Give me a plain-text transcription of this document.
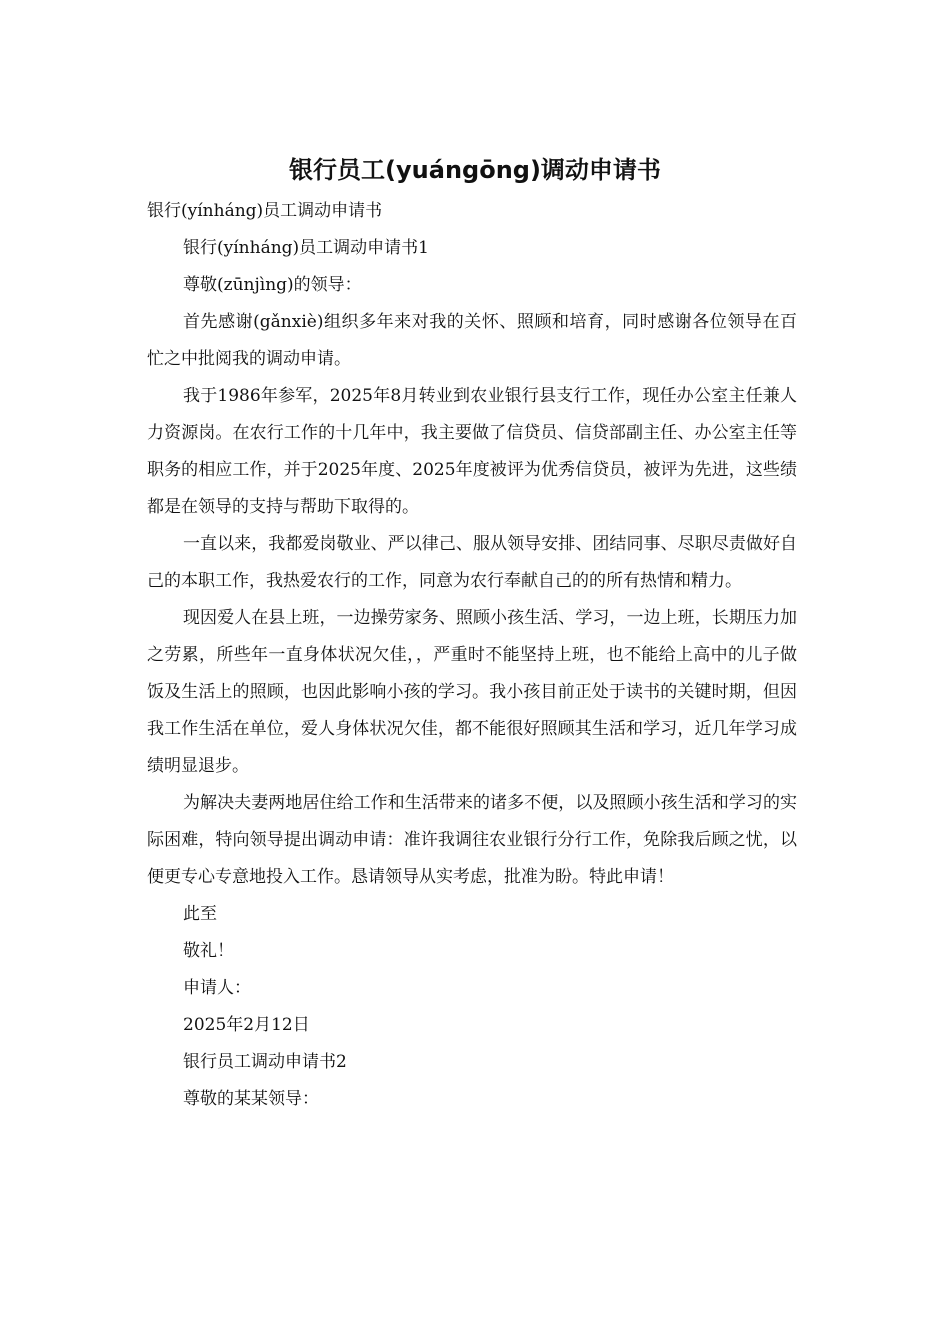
银行员工(yuángōng)调动申请书

银行(yínháng)员工调动申请书

银行(yínháng)员工调动申请书1

尊敬(zūnjìng)的领导：

首先感谢(gǎnxiè)组织多年来对我的关怀、照顾和培育，同时感谢各位领导在百忙之中批阅我的调动申请。

我于1986年参军，2025年8月转业到农业银行县支行工作，现任办公室主任兼人力资源岗。在农行工作的十几年中，我主要做了信贷员、信贷部副主任、办公室主任等职务的相应工作，并于2025年度、2025年度被评为优秀信贷员，被评为先进，这些绩都是在领导的支持与帮助下取得的。

一直以来，我都爱岗敬业、严以律己、服从领导安排、团结同事、尽职尽责做好自己的本职工作，我热爱农行的工作，同意为农行奉献自己的的所有热情和精力。

现因爱人在县上班，一边操劳家务、照顾小孩生活、学习，一边上班，长期压力加之劳累，所些年一直身体状况欠佳，，严重时不能坚持上班，也不能给上高中的儿子做饭及生活上的照顾，也因此影响小孩的学习。我小孩目前正处于读书的关键时期，但因我工作生活在单位，爱人身体状况欠佳，都不能很好照顾其生活和学习，近几年学习成绩明显退步。

为解决夫妻两地居住给工作和生活带来的诸多不便，以及照顾小孩生活和学习的实际困难，特向领导提出调动申请：准许我调往农业银行分行工作，免除我后顾之忧，以便更专心专意地投入工作。恳请领导从实考虑，批准为盼。特此申请！

此至

敬礼！

申请人：

2025年2月12日

银行员工调动申请书2

尊敬的某某领导：
